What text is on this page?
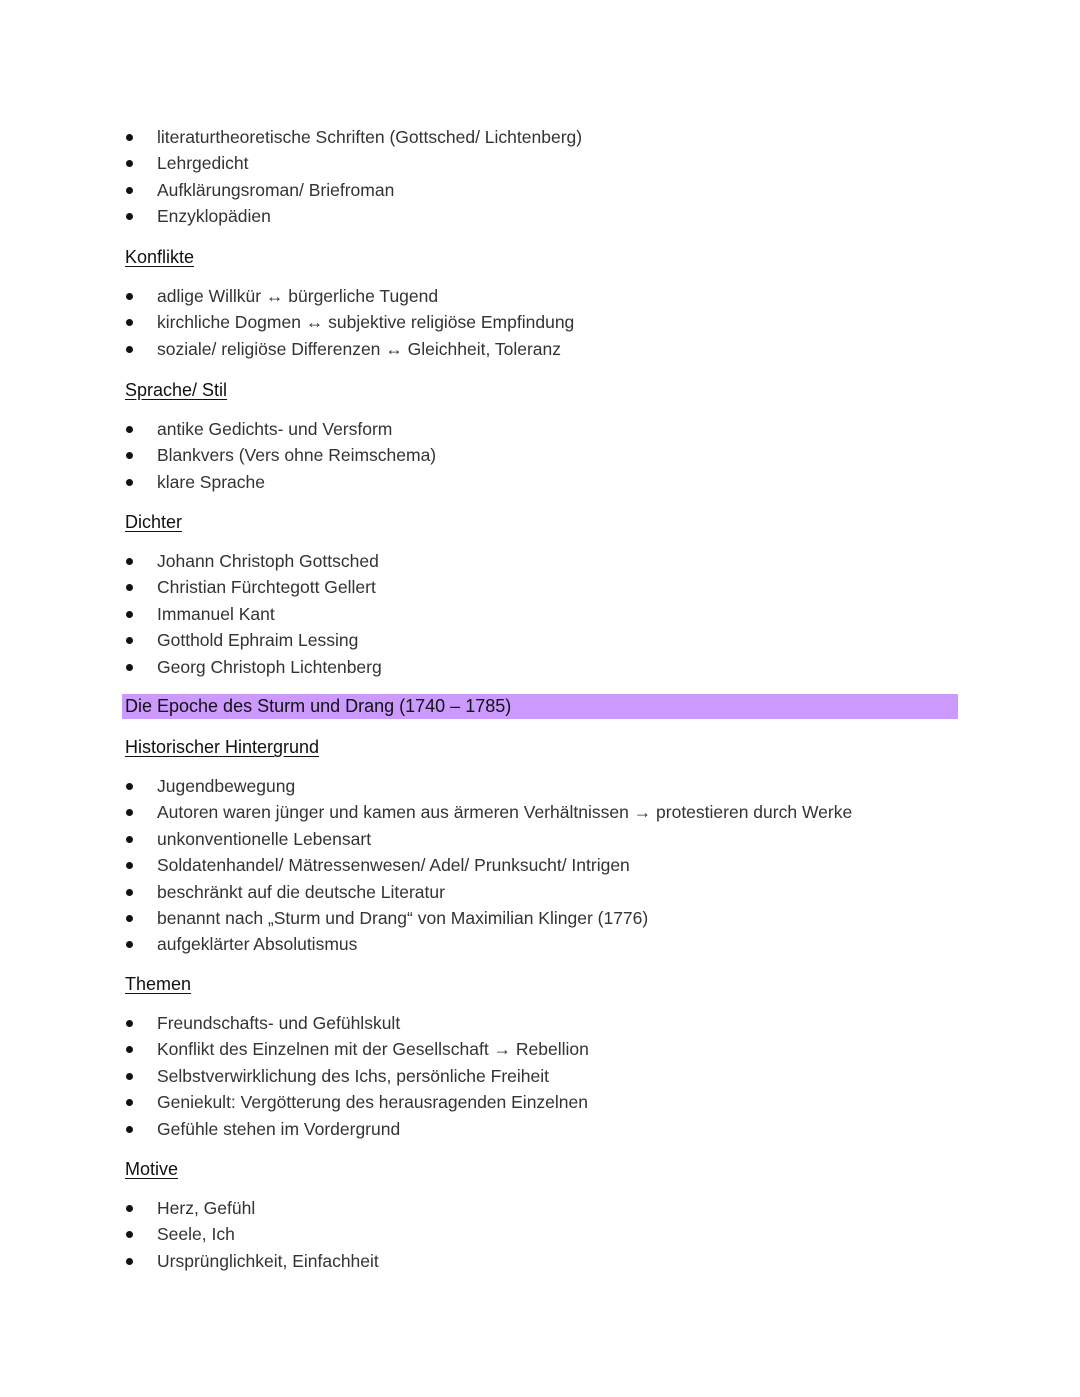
literaturtheoretische Schriften (Gottsched/ Lichtenberg)
Lehrgedicht
Aufklärungsroman/ Briefroman
Enzyklopädien
Konflikte
adlige Willkür ↔ bürgerliche Tugend
kirchliche Dogmen ↔ subjektive religiöse Empfindung
soziale/ religiöse Differenzen ↔ Gleichheit, Toleranz
Sprache/ Stil
antike Gedichts- und Versform
Blankvers (Vers ohne Reimschema)
klare Sprache
Dichter
Johann Christoph Gottsched
Christian Fürchtegott Gellert
Immanuel Kant
Gotthold Ephraim Lessing
Georg Christoph Lichtenberg
Die Epoche des Sturm und Drang (1740 – 1785)
Historischer Hintergrund
Jugendbewegung
Autoren waren jünger und kamen aus ärmeren Verhältnissen → protestieren durch Werke
unkonventionelle Lebensart
Soldatenhandel/ Mätressenwesen/ Adel/ Prunksucht/ Intrigen
beschränkt auf die deutsche Literatur
benannt nach „Sturm und Drang“ von Maximilian Klinger (1776)
aufgeklärter Absolutismus
Themen
Freundschafts- und Gefühlskult
Konflikt des Einzelnen mit der Gesellschaft → Rebellion
Selbstverwirklichung des Ichs, persönliche Freiheit
Geniekult: Vergötterung des herausragenden Einzelnen
Gefühle stehen im Vordergrund
Motive
Herz, Gefühl
Seele, Ich
Ursprünglichkeit, Einfachheit
